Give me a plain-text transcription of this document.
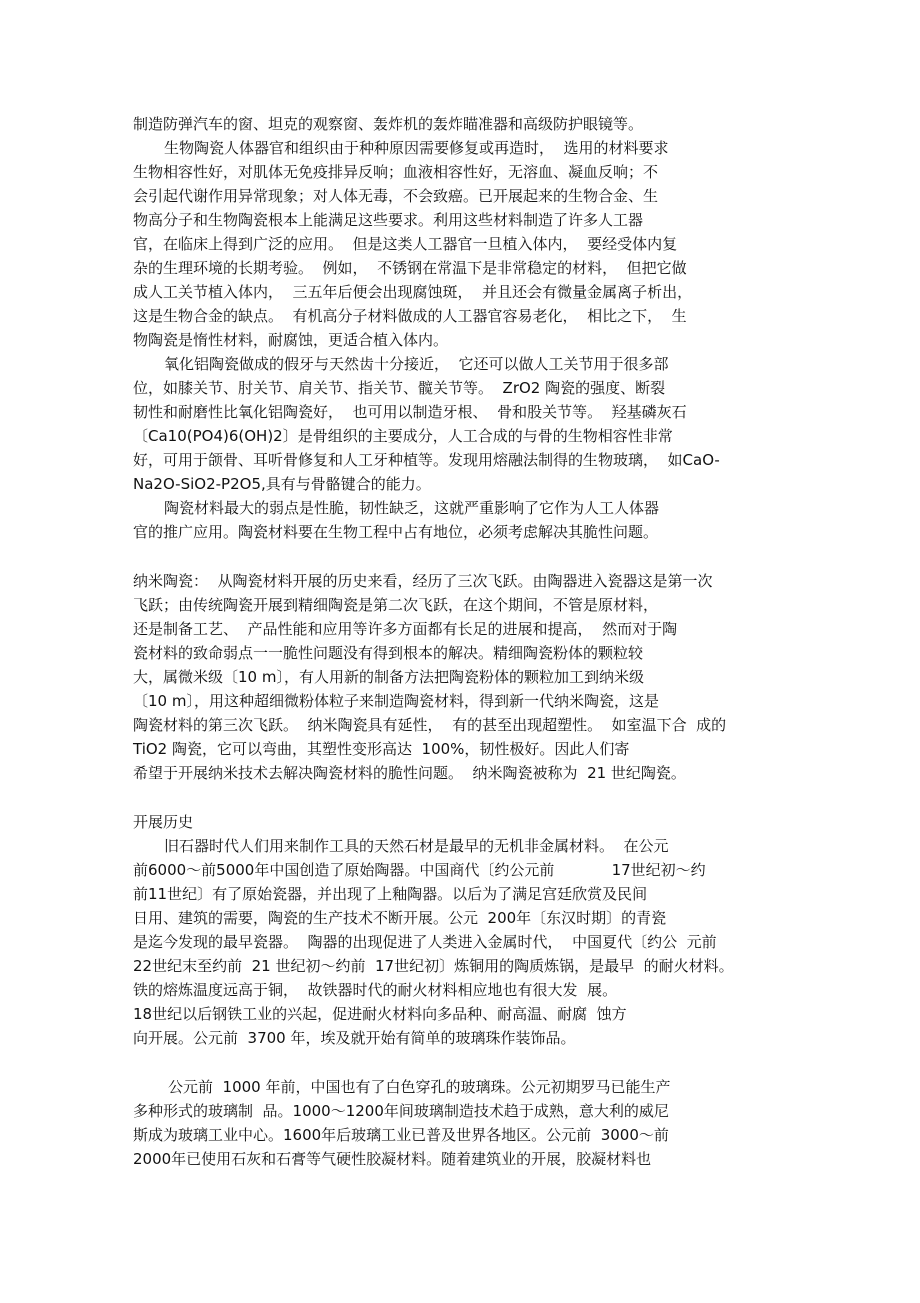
制造防弹汽车的窗、坦克的观察窗、轰炸机的轰炸瞄准器和高级防护眼镜等。
生物陶瓷人体器官和组织由于种种原因需要修复或再造时，  选用的材料要求
生物相容性好，对肌体无免疫排异反响；血液相容性好，无溶血、凝血反响；不
会引起代谢作用异常现象；对人体无毒，不会致癌。已开展起来的生物合金、生
物高分子和生物陶瓷根本上能满足这些要求。利用这些材料制造了许多人工器
官，在临床上得到广泛的应用。  但是这类人工器官一旦植入体内，  要经受体内复
杂的生理环境的长期考验。  例如，  不锈钢在常温下是非常稳定的材料，  但把它做
成人工关节植入体内，  三五年后便会出现腐蚀斑，  并且还会有微量金属离子析出，
这是生物合金的缺点。  有机高分子材料做成的人工器官容易老化，  相比之下，  生
物陶瓷是惰性材料，耐腐蚀，更适合植入体内。
氧化铝陶瓷做成的假牙与天然齿十分接近，  它还可以做人工关节用于很多部
位，如膝关节、肘关节、肩关节、指关节、髋关节等。  ZrO2 陶瓷的强度、断裂
韧性和耐磨性比氧化铝陶瓷好，  也可用以制造牙根、  骨和股关节等。  羟基磷灰石
〔Ca10(PO4)6(OH)2〕是骨组织的主要成分，人工合成的与骨的生物相容性非常
好，可用于颌骨、耳听骨修复和人工牙种植等。发现用熔融法制得的生物玻璃，  如CaO-
Na2O-SiO2-P2O5,具有与骨骼键合的能力。
陶瓷材料最大的弱点是性脆，韧性缺乏，这就严重影响了它作为人工人体器
官的推广应用。陶瓷材料要在生物工程中占有地位，必须考虑解决其脆性问题。
纳米陶瓷：  从陶瓷材料开展的历史来看，经历了三次飞跃。由陶器进入瓷器这是第一次
飞跃；由传统陶瓷开展到精细陶瓷是第二次飞跃，在这个期间，不管是原材料，
还是制备工艺、  产品性能和应用等许多方面都有长足的进展和提高，  然而对于陶
瓷材料的致命弱点一一脆性问题没有得到根本的解决。精细陶瓷粉体的颗粒较
大，属微米级〔10 m〕，有人用新的制备方法把陶瓷粉体的颗粒加工到纳米级
〔10 m〕，用这种超细微粉体粒子来制造陶瓷材料，得到新一代纳米陶瓷，这是
陶瓷材料的第三次飞跃。  纳米陶瓷具有延性，  有的甚至出现超塑性。  如室温下合  成的
TiO2 陶瓷，它可以弯曲，其塑性变形高达  100%，韧性极好。因此人们寄
希望于开展纳米技术去解决陶瓷材料的脆性问题。  纳米陶瓷被称为  21 世纪陶瓷。
开展历史
旧石器时代人们用来制作工具的天然石材是最早的无机非金属材料。  在公元
前6000～前5000年中国创造了原始陶器。中国商代〔约公元前            17世纪初～约
前11世纪〕有了原始瓷器，并出现了上釉陶器。以后为了满足宫廷欣赏及民间
日用、建筑的需要，陶瓷的生产技术不断开展。公元  200年〔东汉时期〕的青瓷
是迄今发现的最早瓷器。  陶器的出现促进了人类进入金属时代，  中国夏代〔约公  元前
22世纪末至约前  21 世纪初～约前  17世纪初〕炼铜用的陶质炼锅，是最早  的耐火材料。
铁的熔炼温度远高于铜，  故铁器时代的耐火材料相应地也有很大发  展。
18世纪以后钢铁工业的兴起，促进耐火材料向多品种、耐高温、耐腐  蚀方
向开展。公元前  3700 年，埃及就开始有简单的玻璃珠作装饰品。
公元前  1000 年前，中国也有了白色穿孔的玻璃珠。公元初期罗马已能生产
多种形式的玻璃制  品。1000～1200年间玻璃制造技术趋于成熟，意大利的威尼
斯成为玻璃工业中心。1600年后玻璃工业已普及世界各地区。公元前  3000～前
2000年已使用石灰和石膏等气硬性胶凝材料。随着建筑业的开展，胶凝材料也
